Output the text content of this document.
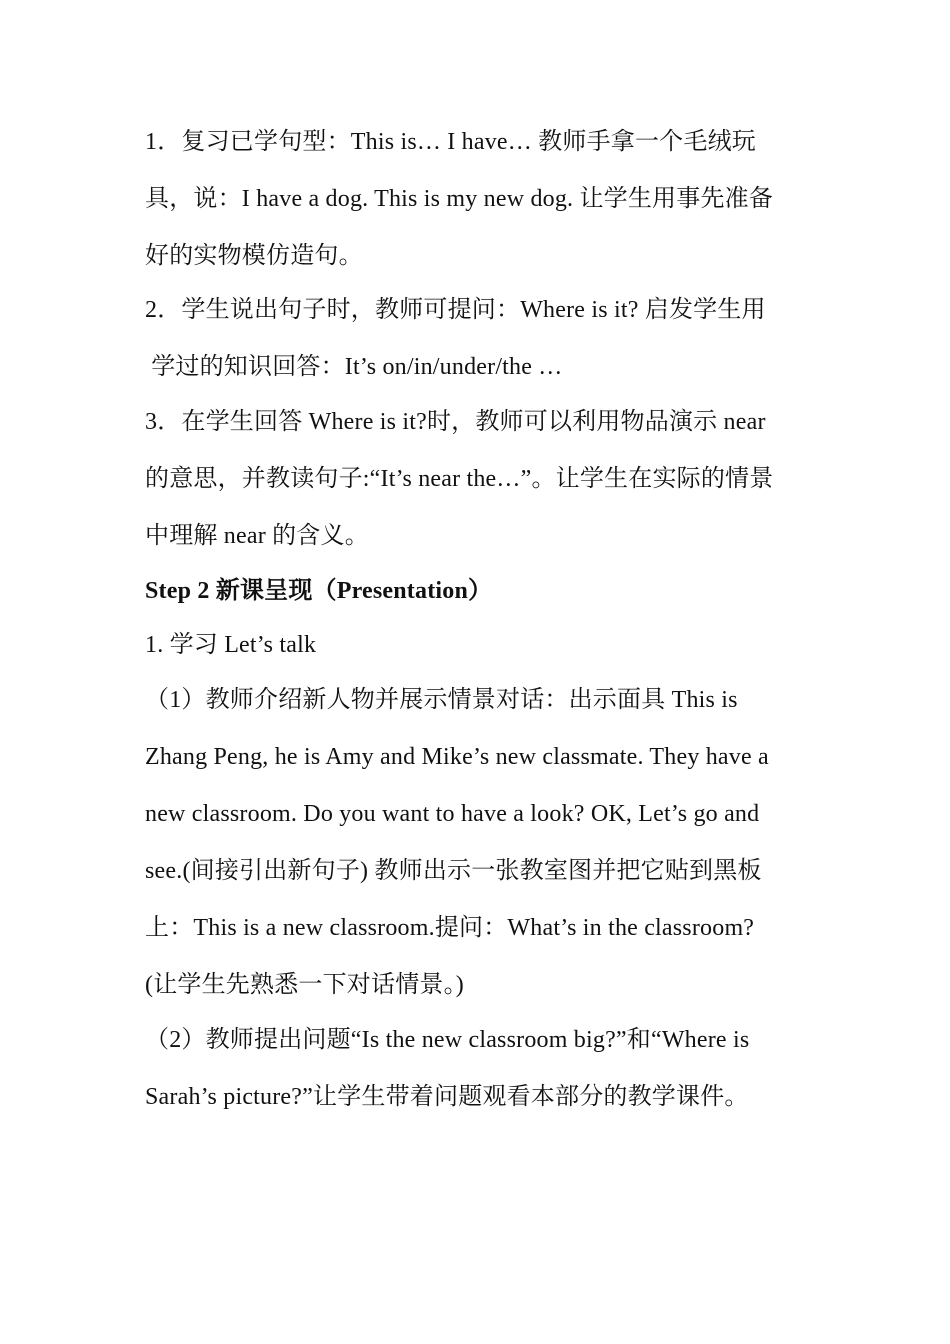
1．复习已学句型：This is… I have… 教师手拿一个毛绒玩
具，说：I have a dog. This is my new dog. 让学生用事先准备
好的实物模仿造句。
2．学生说出句子时，教师可提问：Where is it? 启发学生用
学过的知识回答：It’s on/in/under/the …
3．在学生回答 Where is it?时，教师可以利用物品演示 near
的意思，并教读句子:“It’s near the…”。让学生在实际的情景
中理解 near 的含义。
Step 2 新课呈现（Presentation）
1. 学习 Let’s talk
（1）教师介绍新人物并展示情景对话：出示面具 This is
Zhang Peng, he is Amy and Mike’s new classmate. They have a
new classroom. Do you want to have a look? OK, Let’s go and
see.(间接引出新句子) 教师出示一张教室图并把它贴到黑板
上：This is a new classroom.提问：What’s in the classroom?
(让学生先熟悉一下对话情景。)
（2）教师提出问题“Is the new classroom big?”和“Where is
Sarah’s picture?”让学生带着问题观看本部分的教学课件。
